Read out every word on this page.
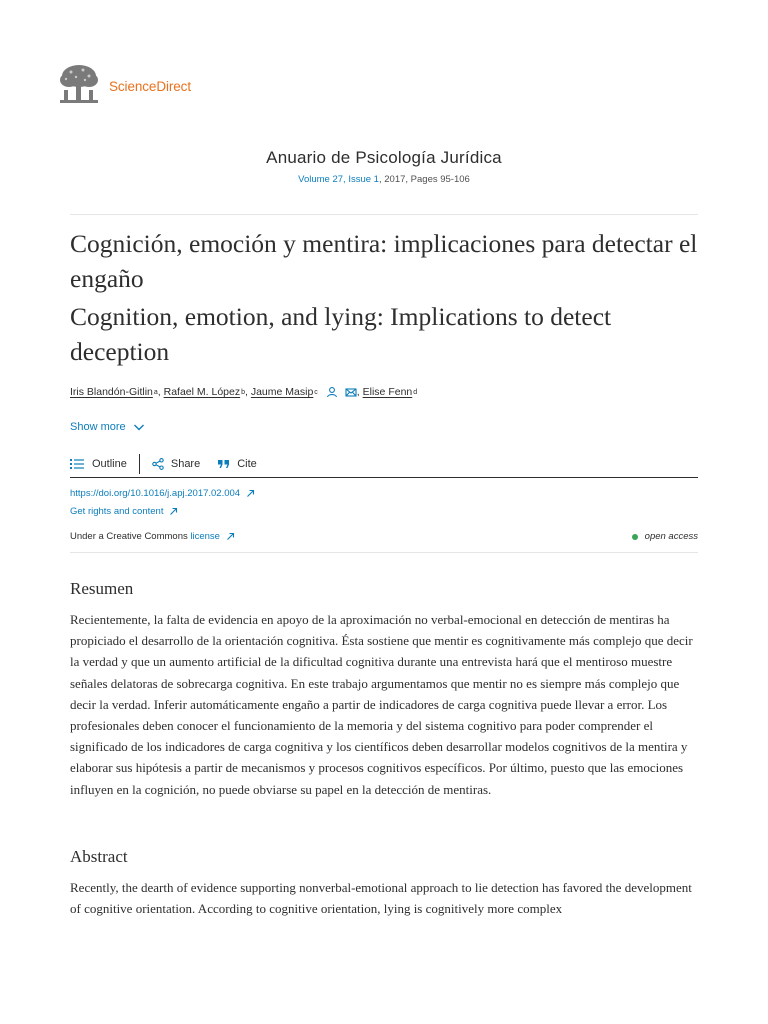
ScienceDirect
Anuario de Psicología Jurídica
Volume 27, Issue 1, 2017, Pages 95-106
Cognición, emoción y mentira: implicaciones para detectar el engaño
Cognition, emotion, and lying: Implications to detect deception
Iris Blandón-Gitlin a , Rafael M. López b , Jaume Masip c	, Elise Fenn d
Show more
Outline	Share	Cite
https://doi.org/10.1016/j.apj.2017.02.004
Get rights and content
Under a Creative Commons license	open access
Resumen

Recientemente, la falta de evidencia en apoyo de la aproximación no verbal-emocional en detección de mentiras ha propiciado el desarrollo de la orientación cognitiva. Ésta sostiene que mentir es cognitivamente más complejo que decir la verdad y que un aumento artificial de la dificultad cognitiva durante una entrevista hará que el mentiroso muestre señales delatoras de sobrecarga cognitiva. En este trabajo argumentamos que mentir no es siempre más complejo que decir la verdad. Inferir automáticamente engaño a partir de indicadores de carga cognitiva puede llevar a error. Los profesionales deben conocer el funcionamiento de la memoria y del sistema cognitivo para poder comprender el significado de los indicadores de carga cognitiva y los científicos deben desarrollar modelos cognitivos de la mentira y elaborar sus hipótesis a partir de mecanismos y procesos cognitivos específicos. Por último, puesto que las emociones influyen en la cognición, no puede obviarse su papel en la detección de mentiras.

Abstract

Recently, the dearth of evidence supporting nonverbal-emotional approach to lie detection has favored the development of cognitive orientation. According to cognitive orientation, lying is cognitively more complex
